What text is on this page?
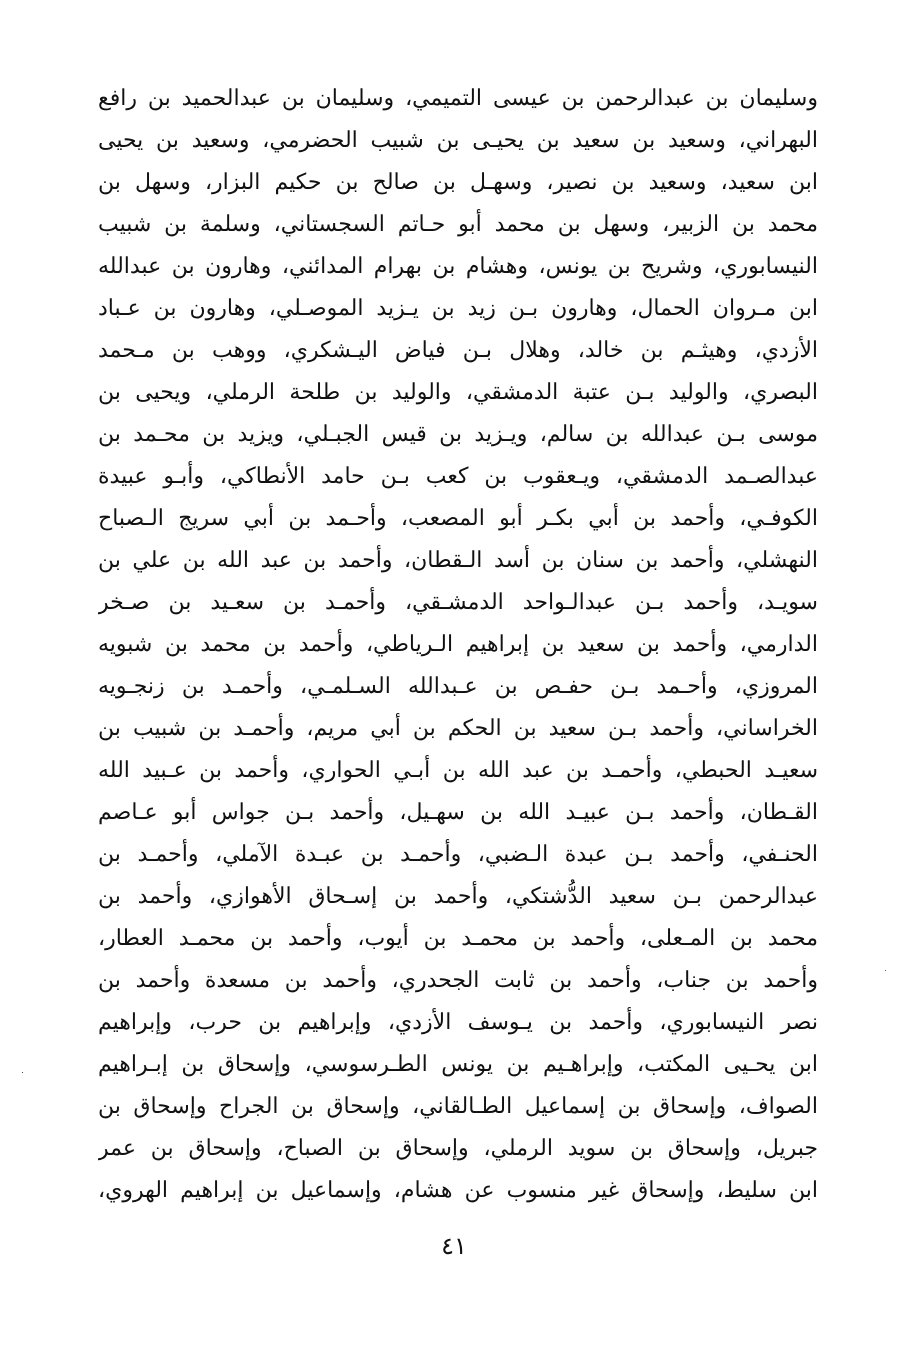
وسليمان بن عبدالرحمن بن عيسى التميمي، وسليمان بن عبدالحميد بن رافع
البهراني، وسعيد بن سعيد بن يحيـى بن شبيب الحضرمي، وسعيد بن يحيى
ابن سعيد، وسعيد بن نصير، وسهـل بن صالح بن حكيم البزار، وسهل بن
محمد بن الزبير، وسهل بن محمد أبو حـاتم السجستاني، وسلمة بن شبيب
النيسابوري، وشريح بن يونس، وهشام بن بهرام المدائني، وهارون بن عبدالله
ابن مـروان الحمال، وهارون بـن زيد بن يـزيد الموصـلي، وهارون بن عـباد
الأزدي، وهيثـم بن خالد، وهلال بـن فياض اليـشكري، ووهب بن مـحمد
البصري، والوليد بـن عتبة الدمشقي، والوليد بن طلحة الرملي، ويحيى بن
موسى بـن عبدالله بن سالم، ويـزيد بن قيس الجبـلي، ويزيد بن محـمد بن
عبدالصـمد الدمشقي، ويـعقوب بن كعب بـن حامد الأنطاكي، وأبـو عبيدة
الكوفـي، وأحمد بن أبي بكـر أبو المصعب، وأحـمد بن أبي سريج الـصباح
النهشلي، وأحمد بن سنان بن أسد الـقطان، وأحمد بن عبد الله بن علي بن
سويـد، وأحمد بـن عبدالـواحد الدمشـقي، وأحمـد بن سعـيد بن صـخر
الدارمي، وأحمد بن سعيد بن إبراهيم الـرياطي، وأحمد بن محمد بن شبويه
المروزي، وأحـمد بـن حفـص بن عـبدالله السـلمـي، وأحمـد بن زنجـويه
الخراساني، وأحمد بـن سعيد بن الحكم بن أبي مريم، وأحمـد بن شبيب بن
سعيـد الحبطي، وأحمـد بن عبد الله بن أبـي الحواري، وأحمد بن عـبيد الله
القـطان، وأحمد بـن عبيـد الله بن سهـيل، وأحمد بـن جواس أبو عـاصم
الحنـفي، وأحمد بـن عبدة الـضبي، وأحمـد بن عبـدة الآملي، وأحمـد بن
عبدالرحمن بـن سعيد الدُّشتكي، وأحمد بن إسـحاق الأهوازي، وأحمد بن
محمد بن المـعلى، وأحمد بن محمـد بن أيوب، وأحمد بن محمـد العطار،
وأحمد بن جناب، وأحمد بن ثابت الجحدري، وأحمد بن مسعدة وأحمد بن
نصر النيسابوري، وأحمد بن يـوسف الأزدي، وإبراهيم بن حرب، وإبراهيم
ابن يحـيى المكتب، وإبراهـيم بن يونس الطـرسوسي، وإسحاق بن إبـراهيم
الصواف، وإسحاق بن إسماعيل الطـالقاني، وإسحاق بن الجراح وإسحاق بن
جبريل، وإسحاق بن سويد الرملي، وإسحاق بن الصباح، وإسحاق بن عمر
ابن سليط، وإسحاق غير منسوب عن هشام، وإسماعيل بن إبراهيم الهروي،
٤١
